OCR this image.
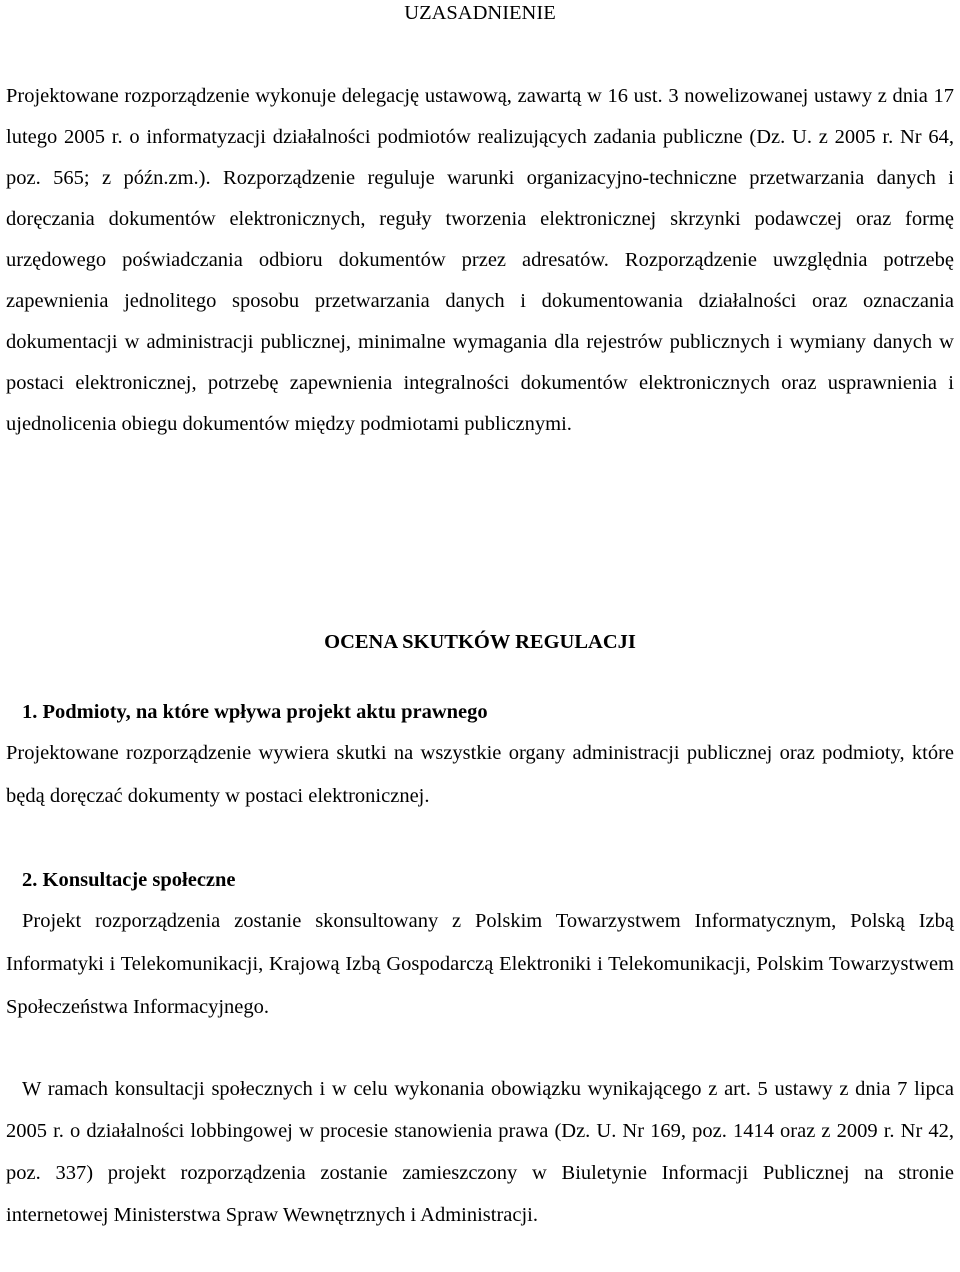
UZASADNIENIE

Projektowane rozporządzenie wykonuje delegację ustawową, zawartą w 16 ust. 3 nowelizowanej ustawy z dnia 17 lutego 2005 r. o informatyzacji działalności podmiotów realizujących zadania publiczne (Dz. U. z 2005 r. Nr 64, poz. 565; z późn.zm.). Rozporządzenie reguluje warunki organizacyjno-techniczne przetwarzania danych i doręczania dokumentów elektronicznych, reguły tworzenia elektronicznej skrzynki podawczej oraz formę urzędowego poświadczania odbioru dokumentów przez adresatów. Rozporządzenie uwzględnia potrzebę zapewnienia jednolitego sposobu przetwarzania danych i dokumentowania działalności oraz oznaczania dokumentacji w administracji publicznej, minimalne wymagania dla rejestrów publicznych i wymiany danych w postaci elektronicznej, potrzebę zapewnienia integralności dokumentów elektronicznych oraz usprawnienia i ujednolicenia obiegu dokumentów między podmiotami publicznymi.

OCENA SKUTKÓW REGULACJI
1. Podmioty, na które wpływa projekt aktu prawnego

Projektowane rozporządzenie wywiera skutki na wszystkie organy administracji publicznej oraz podmioty, które będą doręczać dokumenty w postaci elektronicznej.

2. Konsultacje społeczne

Projekt rozporządzenia zostanie skonsultowany z Polskim Towarzystwem Informatycznym, Polską Izbą Informatyki i Telekomunikacji, Krajową Izbą Gospodarczą Elektroniki i Telekomunikacji, Polskim Towarzystwem Społeczeństwa Informacyjnego.

W ramach konsultacji społecznych i w celu wykonania obowiązku wynikającego z art. 5 ustawy z dnia 7 lipca 2005 r. o działalności lobbingowej w procesie stanowienia prawa (Dz. U. Nr 169, poz. 1414 oraz z 2009 r. Nr 42, poz. 337) projekt rozporządzenia zostanie zamieszczony w Biuletynie Informacji Publicznej na stronie internetowej Ministerstwa Spraw Wewnętrznych i Administracji.
